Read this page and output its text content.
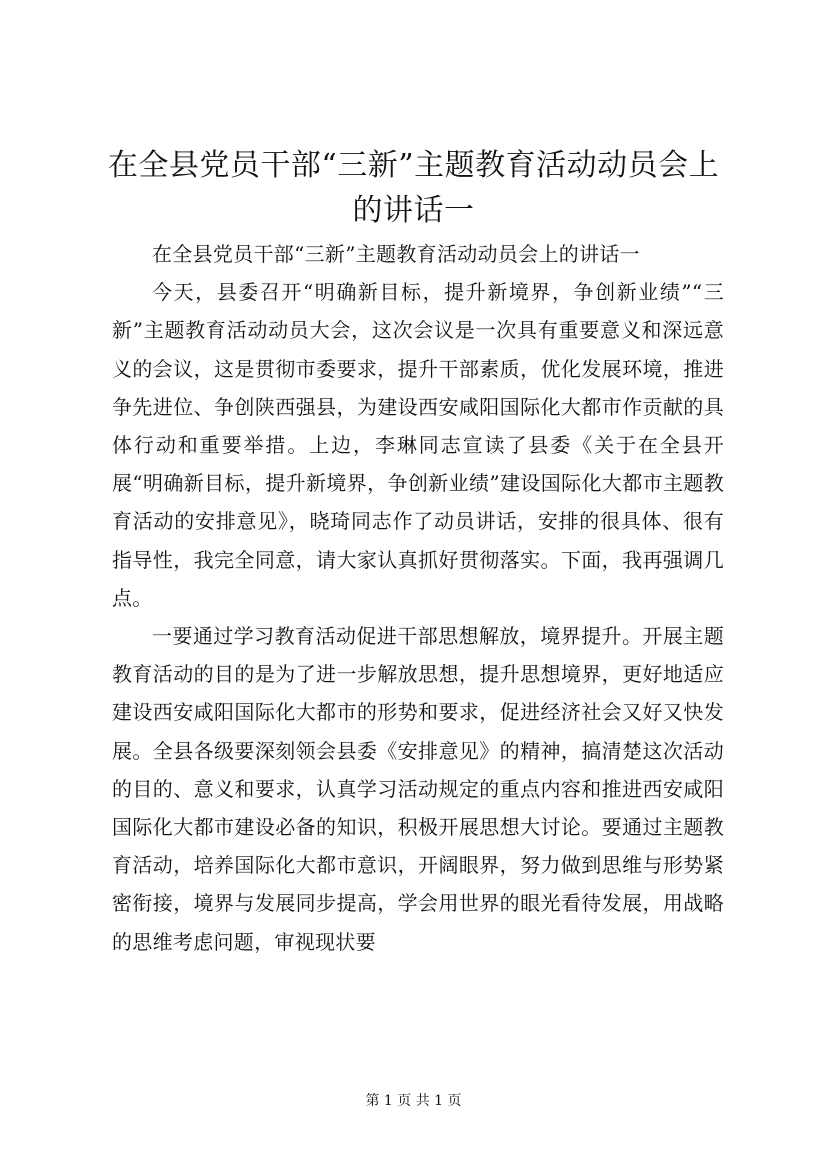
在全县党员干部“三新”主题教育活动动员会上的讲话一

在全县党员干部“三新”主题教育活动动员会上的讲话一

今天，县委召开“明确新目标，提升新境界，争创新业绩”“三新”主题教育活动动员大会，这次会议是一次具有重要意义和深远意义的会议，这是贯彻市委要求，提升干部素质，优化发展环境，推进争先进位、争创陕西强县，为建设西安咸阳国际化大都市作贡献的具体行动和重要举措。上边，李琳同志宣读了县委《关于在全县开展“明确新目标，提升新境界，争创新业绩”建设国际化大都市主题教育活动的安排意见》，晓琦同志作了动员讲话，安排的很具体、很有指导性，我完全同意，请大家认真抓好贯彻落实。下面，我再强调几点。

一要通过学习教育活动促进干部思想解放，境界提升。开展主题教育活动的目的是为了进一步解放思想，提升思想境界，更好地适应建设西安咸阳国际化大都市的形势和要求，促进经济社会又好又快发展。全县各级要深刻领会县委《安排意见》的精神，搞清楚这次活动的目的、意义和要求，认真学习活动规定的重点内容和推进西安咸阳国际化大都市建设必备的知识，积极开展思想大讨论。要通过主题教育活动，培养国际化大都市意识，开阔眼界，努力做到思维与形势紧密衔接，境界与发展同步提高，学会用世界的眼光看待发展，用战略的思维考虑问题，审视现状要

第 1 页 共 1 页
